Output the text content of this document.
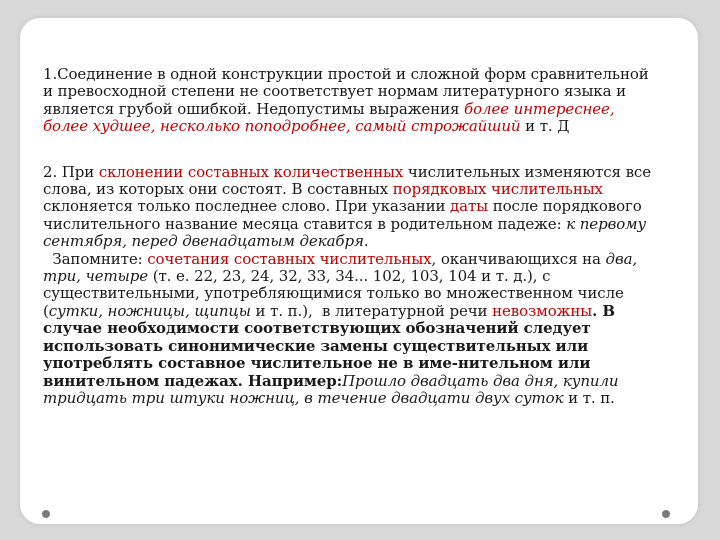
1.Соединение в одной конструкции простой и сложной форм сравнительной и превосходной степени не соответствует нормам литературного языка и является грубой ошибкой. Недопустимы выражения более интереснее, более худшее, несколько поподробнее, самый строжайший и т. Д

2. При склонении составных количественных числительных изменяются все слова, из которых они состоят. В составных порядковых числительных склоняется только последнее слово. При указании даты после порядкового числительного название месяца ставится в родительном падеже: к первому сентября, перед двенадцатым декабря.

Запомните: сочетания составных числительных, оканчивающихся на два, три, четыре (т. е. 22, 23, 24, 32, 33, 34... 102, 103, 104 и т. д.), с существительными, употребляющимися только во множественном числе (сутки, ножницы, щипцы и т. п.),  в литературной речи невозможны. В случае необходимости соответствующих обозначений следует использовать синонимические замены существительных или употреблять составное числительное не в име-нительном или винительном падежах. Например:Прошло двадцать два дня, купили тридцать три штуки ножниц, в течение двадцати двух суток и т. п.
